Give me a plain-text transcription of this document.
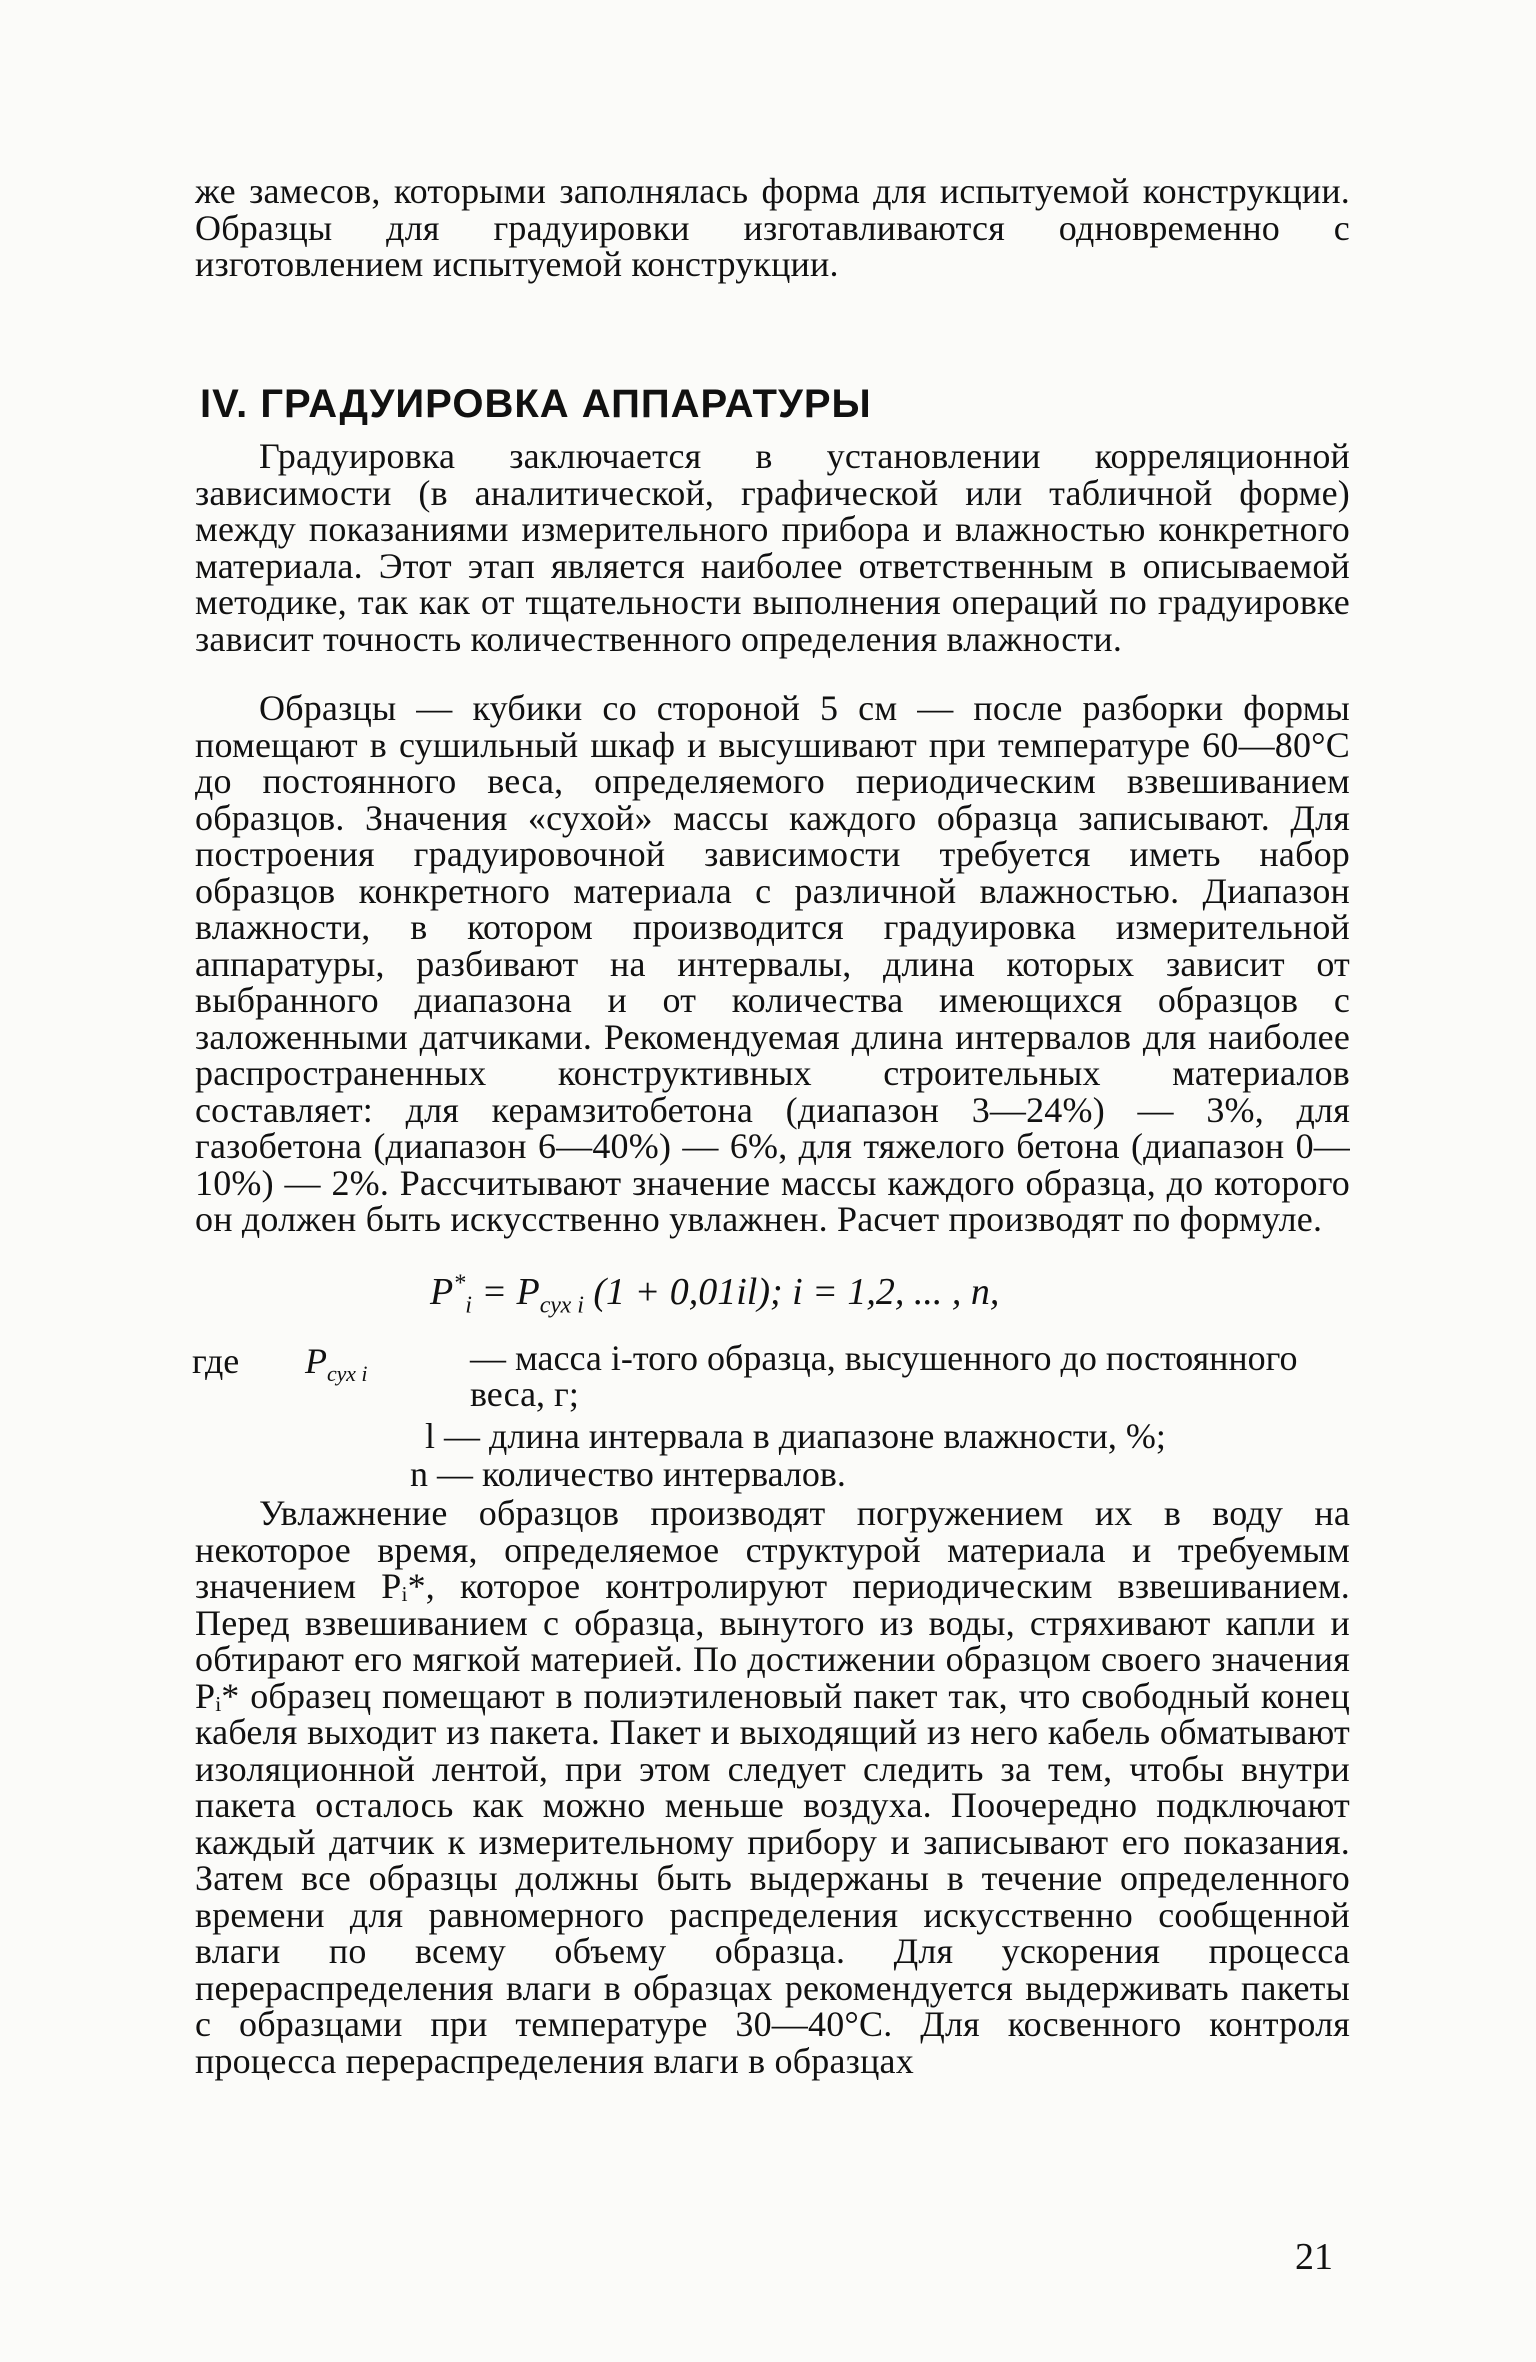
же замесов, которыми заполнялась форма для испытуемой конструкции. Образцы для градуировки изготавливаются одновременно с изготовлением испытуемой конструкции.

IV. ГРАДУИРОВКА АППАРАТУРЫ

Градуировка заключается в установлении корреляционной зависимости (в аналитической, графической или табличной форме) между показаниями измерительного прибора и влажностью конкретного материала. Этот этап является наиболее ответственным в описываемой методике, так как от тщательности выполнения операций по градуировке зависит точность количественного определения влажности.

Образцы — кубики со стороной 5 см — после разборки формы помещают в сушильный шкаф и высушивают при температуре 60—80°C до постоянного веса, определяемого периодическим взвешиванием образцов. Значения «сухой» массы каждого образца записывают. Для построения градуировочной зависимости требуется иметь набор образцов конкретного материала с различной влажностью. Диапазон влажности, в котором производится градуировка измерительной аппаратуры, разбивают на интервалы, длина которых зависит от выбранного диапазона и от количества имеющихся образцов с заложенными датчиками. Рекомендуемая длина интервалов для наиболее распространенных конструктивных строительных материалов составляет: для керамзитобетона (диапазон 3—24%) — 3%, для газобетона (диапазон 6—40%) — 6%, для тяжелого бетона (диапазон 0—10%) — 2%. Рассчитывают значение массы каждого образца, до которого он должен быть искусственно увлажнен. Расчет производят по формуле.

$P^*_i = P_{сух i}$ (1 + 0,01il); i = 1,2, ... , n,
где $P_{сух i}$	— масса i-того образца, высушенного до постоянного веса, г;
l — длина интервала в диапазоне влажности, %;
n — количество интервалов.

Увлажнение образцов производят погружением их в воду на некоторое время, определяемое структурой материала и требуемым значением Pᵢ*, которое контролируют периодическим взвешиванием. Перед взвешиванием с образца, вынутого из воды, стряхивают капли и обтирают его мягкой материей. По достижении образцом своего значения Pᵢ* образец помещают в полиэтиленовый пакет так, что свободный конец кабеля выходит из пакета. Пакет и выходящий из него кабель обматывают изоляционной лентой, при этом следует следить за тем, чтобы внутри пакета осталось как можно меньше воздуха. Поочередно подключают каждый датчик к измерительному прибору и записывают его показания. Затем все образцы должны быть выдержаны в течение определенного времени для равномерного распределения искусственно сообщенной влаги по всему объему образца. Для ускорения процесса перераспределения влаги в образцах рекомендуется выдерживать пакеты с образцами при температуре 30—40°C. Для косвенного контроля процесса перераспределения влаги в образцах

21
